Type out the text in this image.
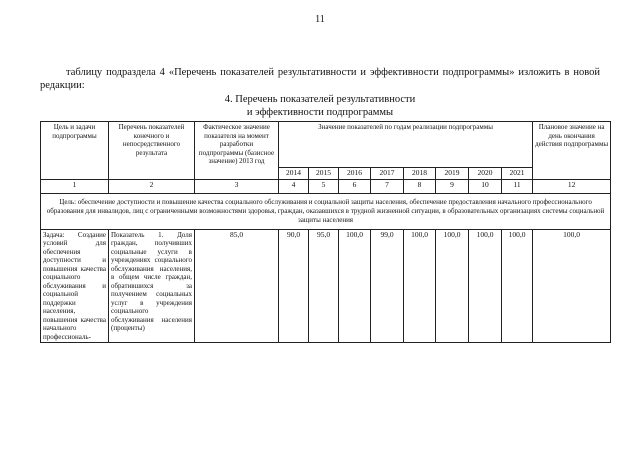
11
таблицу подраздела 4 «Перечень показателей результативности и эффективности подпрограммы» изложить в новой редакции:
4. Перечень показателей результативности
и эффективности подпрограммы
Цель и задачи подпрограммы	Перечень показателей конечного и непосредственного результата	Фактическое значение показателя на момент разработки подпрограммы (базисное значение) 2013 год	Значение показателей по годам реализации подпрограммы								Плановое значение на день окончания действия подпрограммы
			2014	2015	2016	2017	2018	2019	2020	2021	
1	2	3	4	5	6	7	8	9	10	11	12
Цель: обеспечение доступности и повышение качества социального обслуживания и социальной защиты населения, обеспечение предоставления начального профессионального образования для инвалидов, лиц с ограниченными возможностями здоровья, граждан, оказавшихся в трудной жизненной ситуации, в образовательных организациях системы социальной защиты населения											
Задача: Создание условий для обеспечения доступности и повышения качества социального обслуживания и социальной поддержки населения, повышения качества начального профессиональ-	Показатель 1. Доля граждан, получивших социальные услуги в учреждениях социального обслуживания населения, в общем числе граждан, обратившихся за получением социальных услуг в учреждения социального обслуживания населения (проценты)	85,0	90,0	95,0	100,0	99,0	100,0	100,0	100,0	100,0	100,0
